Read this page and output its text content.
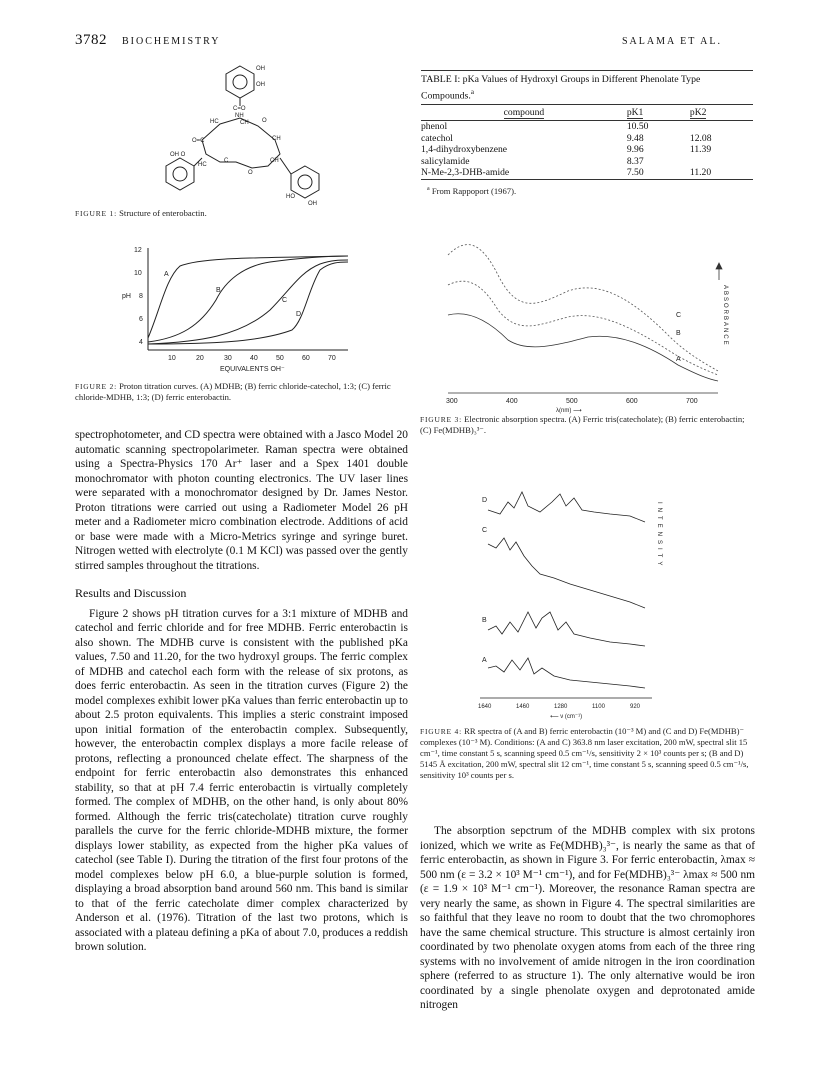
3782 BIOCHEMISTRY	SALAMA ET AL.
OH
OH
C=O
NH
HC	CH O
O=C	CH
OH O
HC
CH
C
O
HO
OH
FIGURE 1: Structure of enterobactin.
12
10
pH 8
6
4
10	20	30	40	50	60	70
EQUIVALENTS OH⁻
A
B
C
D
FIGURE 2: Proton titration curves. (A) MDHB; (B) ferric chloride-catechol, 1:3; (C) ferric chloride-MDHB, 1:3; (D) ferric enterobactin.
TABLE I: pKa Values of Hydroxyl Groups in Different Phenolate Type Compounds.$^a$
compound	pK1	pK2
phenol	10.50	
catechol	9.48	12.08
1,4-dihydroxybenzene	9.96	11.39
salicylamide	8.37	
N-Me-2,3-DHB-amide	7.50	11.20
$^a$ From Rappoport (1967).
300	400	500	600	700
λ(nm) ⟶
C
B
A
ABSORBANCE
FIGURE 3: Electronic absorption spectra. (A) Ferric tris(catecholate); (B) ferric enterobactin; (C) Fe(MDHB)₃³⁻.
D
C
B
A
1640	1460	1280	1100	920
⟵ ν (cm⁻¹)
INTENSITY
FIGURE 4: RR spectra of (A and B) ferric enterobactin (10⁻³ M) and (C and D) Fe(MDHB)⁻ complexes (10⁻³ M). Conditions: (A and C) 363.8 nm laser excitation, 200 mW, spectral slit 15 cm⁻¹, time constant 5 s, scanning speed 0.5 cm⁻¹/s, sensitivity 2 × 10³ counts per s; (B and D) 5145 Å excitation, 200 mW, spectral slit 12 cm⁻¹, time constant 5 s, scanning speed 0.5 cm⁻¹/s, sensitivity 10³ counts per s.

spectrophotometer, and CD spectra were obtained with a Jasco Model 20 automatic scanning spectropolarimeter. Raman spectra were obtained using a Spectra-Physics 170 Ar⁺ laser and a Spex 1401 double monochromator with photon counting electronics. The UV laser lines were separated with a monochromator designed by Dr. James Nestor. Proton titrations were carried out using a Radiometer Model 26 pH meter and a Radiometer micro combination electrode. Additions of acid or base were made with a Micro-Metrics syringe and syringe buret. Nitrogen wetted with electrolyte (0.1 M KCl) was passed over the gently stirred samples throughout the titrations.

Results and Discussion

Figure 2 shows pH titration curves for a 3:1 mixture of MDHB and catechol and ferric chloride and for free MDHB. Ferric enterobactin is also shown. The MDHB curve is consistent with the published pKa values, 7.50 and 11.20, for the two hydroxyl groups. The ferric complex of MDHB and catechol each form with the release of six protons, as does ferric enterobactin. As seen in the titration curves (Figure 2) the model complexes exhibit lower pKa values than ferric enterobactin up to about 2.5 proton equivalents. This implies a steric constraint imposed upon initial formation of the enterobactin complex. Subsequently, however, the enterobactin complex displays a more facile release of protons, reflecting a pronounced chelate effect. The sharpness of the endpoint for ferric enterobactin also demonstrates this enhanced stability, so that at pH 7.4 ferric enterobactin is virtually completely formed. The complex of MDHB, on the other hand, is only about 80% formed. Although the ferric tris(catecholate) titration curve roughly parallels the curve for the ferric chloride-MDHB mixture, the former displays lower stability, as expected from the higher pKa values of catechol (see Table I). During the titration of the first four protons of the model complexes below pH 6.0, a blue-purple solution is formed, displaying a broad absorption band around 560 nm. This band is similar to that of the ferric catecholate dimer complex characterized by Anderson et al. (1976). Titration of the last two protons, which is associated with a plateau defining a pKa of about 7.0, produces a reddish brown solution.

The absorption sepctrum of the MDHB complex with six protons ionized, which we write as Fe(MDHB)₃³⁻, is nearly the same as that of ferric enterobactin, as shown in Figure 3. For ferric enterobactin, λmax ≈ 500 nm (ε = 3.2 × 10³ M⁻¹ cm⁻¹), and for Fe(MDHB)₃³⁻ λmax ≈ 500 nm (ε = 1.9 × 10³ M⁻¹ cm⁻¹). Moreover, the resonance Raman spectra are very nearly the same, as shown in Figure 4. The spectral similarities are so faithful that they leave no room to doubt that the two chromophores have the same chemical structure. This structure is almost certainly iron coordinated by two phenolate oxygen atoms from each of the three ring systems with no involvement of amide nitrogen in the iron coordination sphere (referred to as structure 1). The only alternative would be iron coordinated by a single phenolate oxygen and deprotonated amide nitrogen
